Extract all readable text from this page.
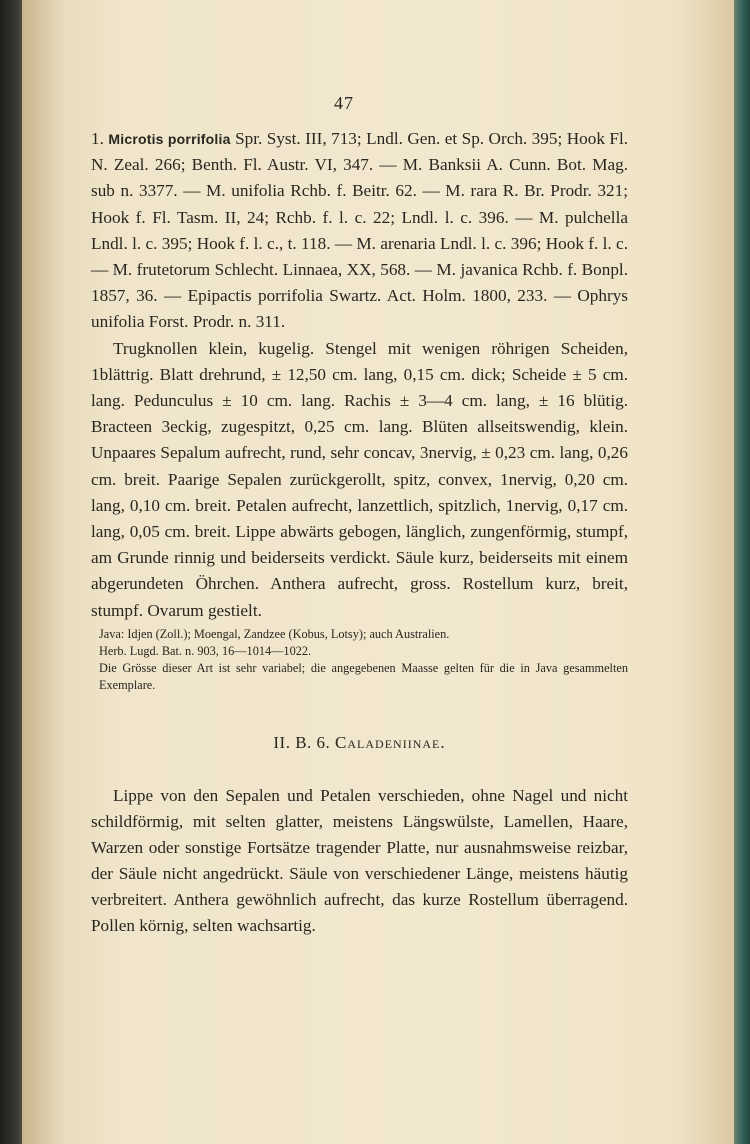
47

1. Microtis porrifolia Spr. Syst. III, 713; Lndl. Gen. et Sp. Orch. 395; Hook Fl. N. Zeal. 266; Benth. Fl. Austr. VI, 347. — M. Banksii A. Cunn. Bot. Mag. sub n. 3377. — M. unifolia Rchb. f. Beitr. 62. — M. rara R. Br. Prodr. 321; Hook f. Fl. Tasm. II, 24; Rchb. f. l. c. 22; Lndl. l. c. 396. — M. pulchella Lndl. l. c. 395; Hook f. l. c., t. 118. — M. arenaria Lndl. l. c. 396; Hook f. l. c. — M. frutetorum Schlecht. Linnaea, XX, 568. — M. javanica Rchb. f. Bonpl. 1857, 36. — Epipactis porrifolia Swartz. Act. Holm. 1800, 233. — Ophrys unifolia Forst. Prodr. n. 311.

Trugknollen klein, kugelig. Stengel mit wenigen röhrigen Scheiden, 1blättrig. Blatt drehrund, ± 12,50 cm. lang, 0,15 cm. dick; Scheide ± 5 cm. lang. Pedunculus ± 10 cm. lang. Rachis ± 3—4 cm. lang, ± 16 blütig. Bracteen 3eckig, zugespitzt, 0,25 cm. lang. Blüten allseitswendig, klein. Unpaares Sepalum aufrecht, rund, sehr concav, 3nervig, ± 0,23 cm. lang, 0,26 cm. breit. Paarige Sepalen zurückgerollt, spitz, convex, 1nervig, 0,20 cm. lang, 0,10 cm. breit. Petalen aufrecht, lanzettlich, spitzlich, 1nervig, 0,17 cm. lang, 0,05 cm. breit. Lippe abwärts gebogen, länglich, zungenförmig, stumpf, am Grunde rinnig und beiderseits verdickt. Säule kurz, beiderseits mit einem abgerundeten Öhrchen. Anthera aufrecht, gross. Rostellum kurz, breit, stumpf. Ovarum gestielt.

Java: Idjen (Zoll.); Moengal, Zandzee (Kobus, Lotsy); auch Australien.

Herb. Lugd. Bat. n. 903, 16—1014—1022.

Die Grösse dieser Art ist sehr variabel; die angegebenen Maasse gelten für die in Java gesammelten Exemplare.

II. B. 6. Caladeniinae.

Lippe von den Sepalen und Petalen verschieden, ohne Nagel und nicht schildförmig, mit selten glatter, meistens Längswülste, Lamellen, Haare, Warzen oder sonstige Fortsätze tragender Platte, nur ausnahmsweise reizbar, der Säule nicht angedrückt. Säule von verschiedener Länge, meistens häutig verbreitert. Anthera gewöhnlich aufrecht, das kurze Rostellum überragend. Pollen körnig, selten wachsartig.
